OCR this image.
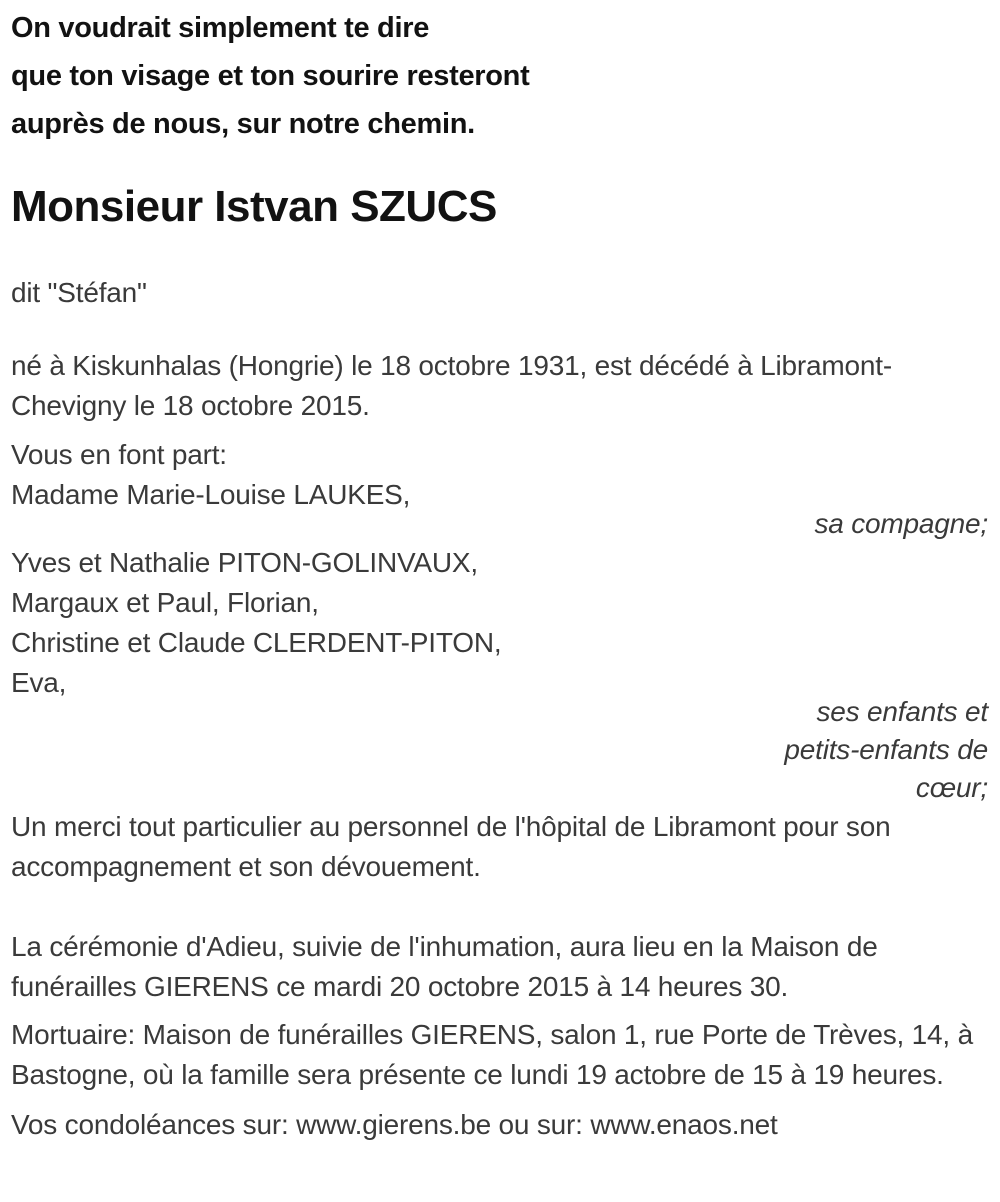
On voudrait simplement te dire
que ton visage et ton sourire resteront
auprès de nous, sur notre chemin.
Monsieur Istvan SZUCS
dit "Stéfan"

né à Kiskunhalas (Hongrie) le 18 octobre 1931, est décédé à Libramont-Chevigny le 18 octobre 2015.

Vous en font part:

Madame Marie-Louise LAUKES,
sa compagne;
Yves et Nathalie PITON-GOLINVAUX,
Margaux et Paul, Florian,
Christine et Claude CLERDENT-PITON,
Eva,
ses enfants et
petits-enfants de
cœur;

Un merci tout particulier au personnel de l'hôpital de Libramont pour son accompagnement et son dévouement.

La cérémonie d'Adieu, suivie de l'inhumation, aura lieu en la Maison de funérailles GIERENS ce mardi 20 octobre 2015 à 14 heures 30.

Mortuaire: Maison de funérailles GIERENS, salon 1, rue Porte de Trèves, 14, à Bastogne, où la famille sera présente ce lundi 19 actobre de 15 à 19 heures.

Vos condoléances sur: www.gierens.be ou sur: www.enaos.net
